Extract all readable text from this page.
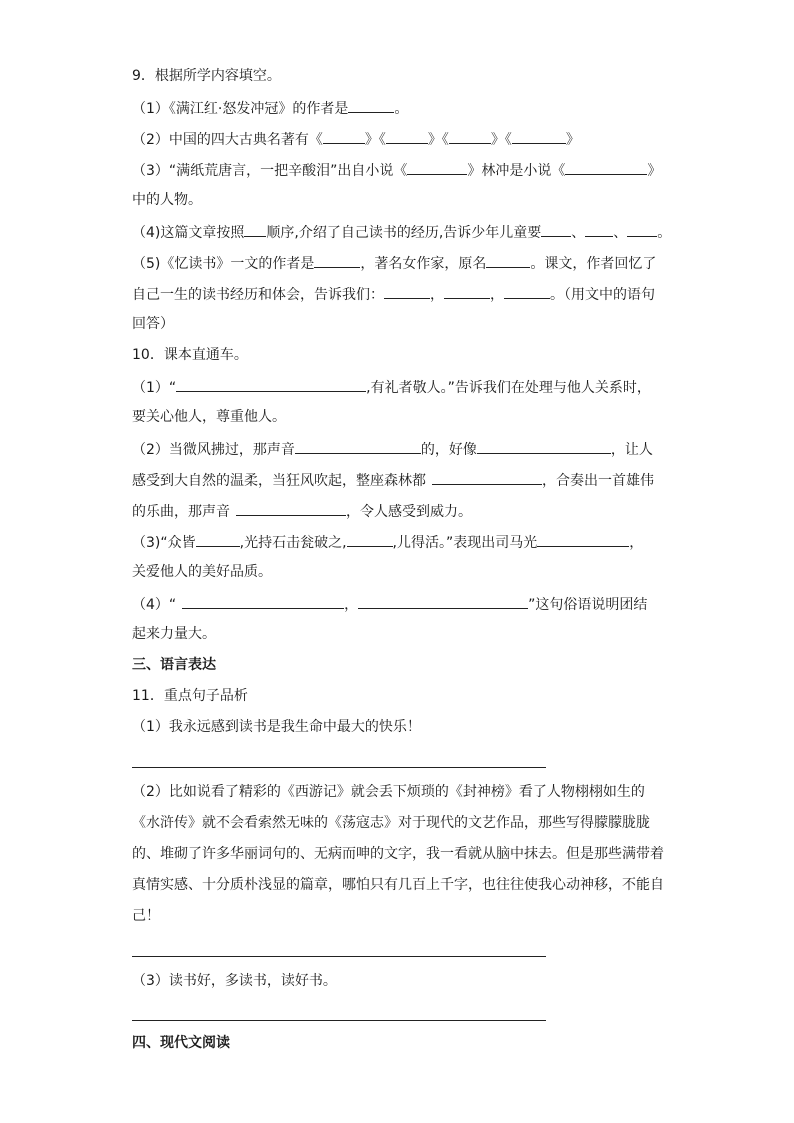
9．根据所学内容填空。
（1）《满江红·怒发冲冠》的作者是	。
（2）中国的四大古典名著有《	》《	》《	》《	》
（3）“满纸荒唐言，一把辛酸泪”出自小说《	》林冲是小说《	》
中的人物。
（4)这篇文章按照 顺序,介绍了自己读书的经历,告诉少年儿童要 、 、 。
（5)《忆读书》一文的作者是	，著名女作家，原名	。课文，作者回忆了
自己一生的读书经历和体会，告诉我们：	，	，	。（用文中的语句
回答）
10．课本直通车。
（1）“	,有礼者敬人。”告诉我们在处理与他人关系时，
要关心他人，尊重他人。
（2）当微风拂过，那声音	的，好像	，让人
感受到大自然的温柔，当狂风吹起，整座森林都	，合奏出一首雄伟
的乐曲，那声音	，令人感受到威力。
（3)“众皆	,光持石击瓮破之,	,儿得活。”表现出司马光	，
关爱他人的美好品质。
（4）“	，	”这句俗语说明团结
起来力量大。
三、语言表达
11．重点句子品析
（1）我永远感到读书是我生命中最大的快乐！
（2）比如说看了精彩的《西游记》就会丢下烦琐的《封神榜》看了人物栩栩如生的
《水浒传》就不会看索然无味的《荡寇志》对于现代的文艺作品，那些写得朦朦胧胧
的、堆砌了许多华丽词句的、无病而呻的文字，我一看就从脑中抹去。但是那些满带着
真情实感、十分质朴浅显的篇章，哪怕只有几百上千字，也往往使我心动神移，不能自
己！
（3）读书好，多读书，读好书。
四、现代文阅读
